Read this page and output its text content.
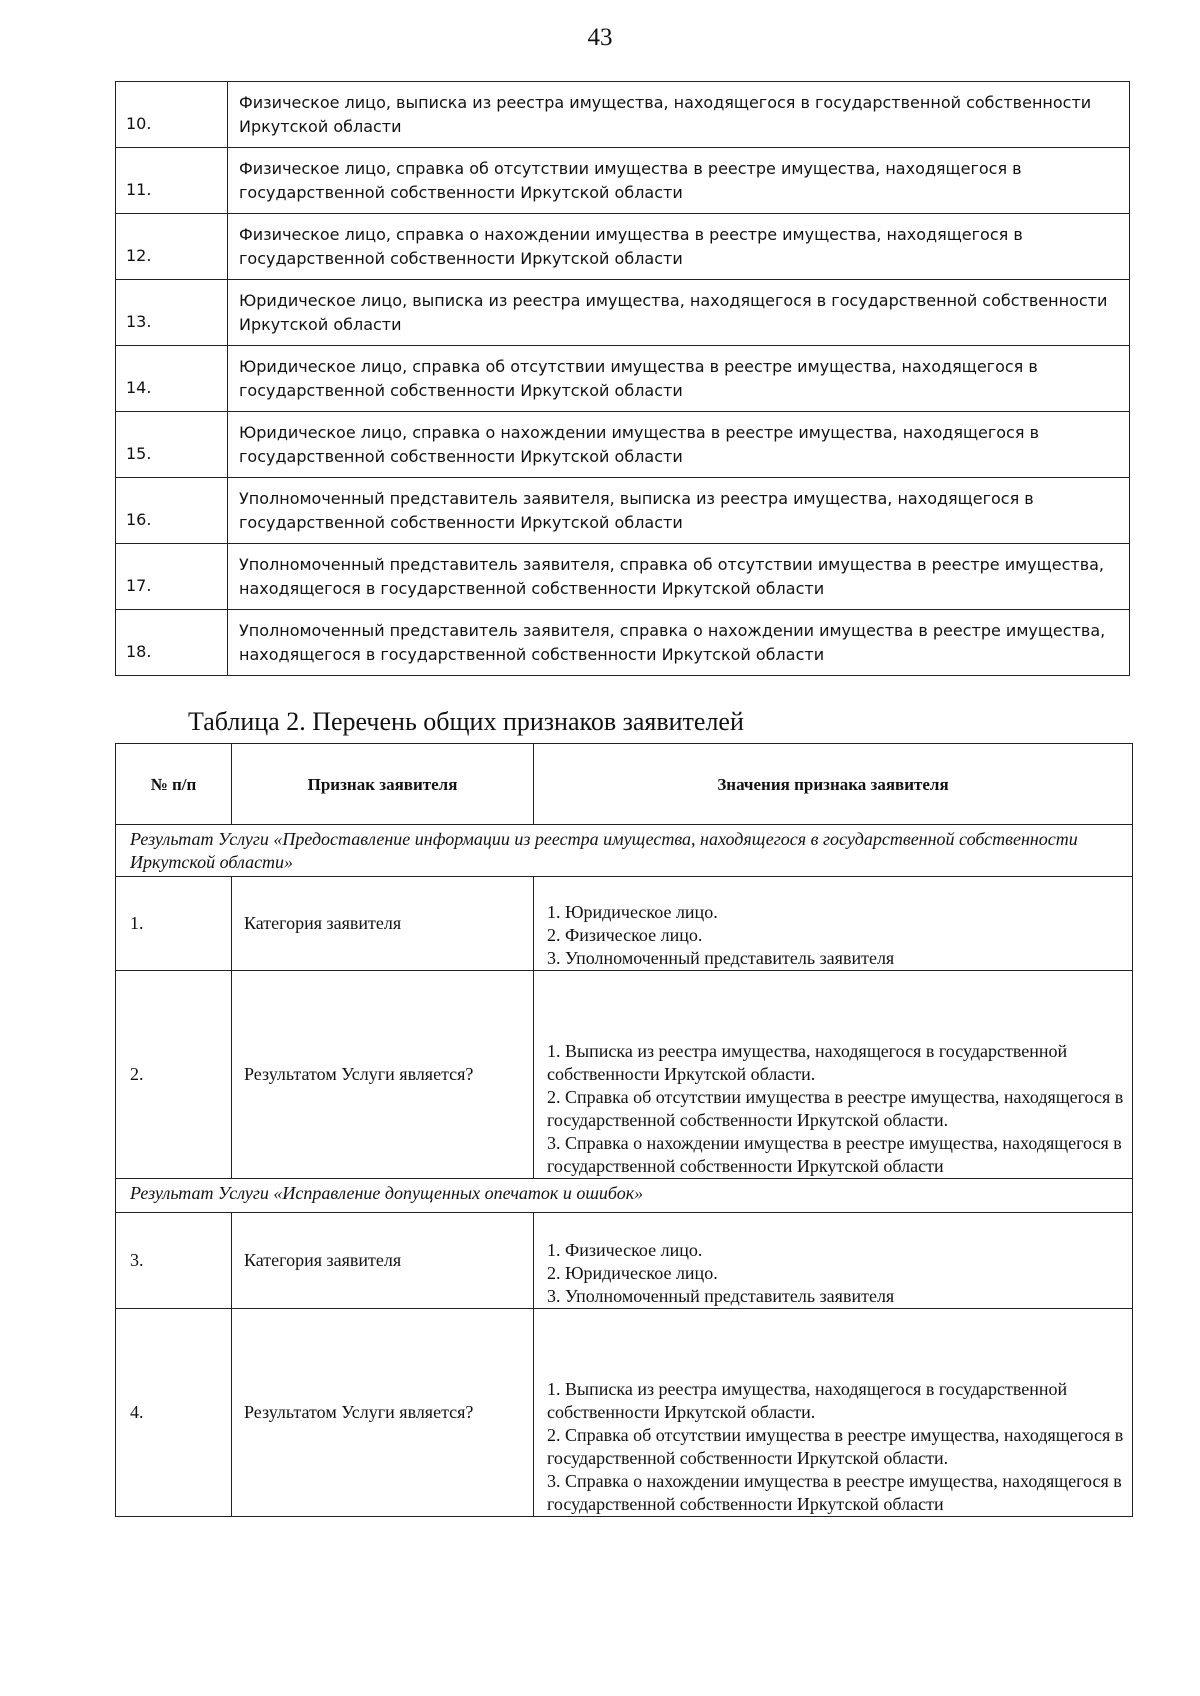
43
10.	Физическое лицо, выписка из реестра имущества, находящегося в государственной собственности Иркутской области
11.	Физическое лицо, справка об отсутствии имущества в реестре имущества, находящегося в государственной собственности Иркутской области
12.	Физическое лицо, справка о нахождении имущества в реестре имущества, находящегося в государственной собственности Иркутской области
13.	Юридическое лицо, выписка из реестра имущества, находящегося в государственной собственности Иркутской области
14.	Юридическое лицо, справка об отсутствии имущества в реестре имущества, находящегося в государственной собственности Иркутской области
15.	Юридическое лицо, справка о нахождении имущества в реестре имущества, находящегося в государственной собственности Иркутской области
16.	Уполномоченный представитель заявителя, выписка из реестра имущества, находящегося в государственной собственности Иркутской области
17.	Уполномоченный представитель заявителя, справка об отсутствии имущества в реестре имущества, находящегося в государственной собственности Иркутской области
18.	Уполномоченный представитель заявителя, справка о нахождении имущества в реестре имущества, находящегося в государственной собственности Иркутской области
Таблица 2. Перечень общих признаков заявителей
№ п/п	Признак заявителя	Значения признака заявителя
Результат Услуги «Предоставление информации из реестра имущества, находящегося в государственной собственности Иркутской области»		
1.	Категория заявителя	1. Юридическое лицо.
2. Физическое лицо.
3. Уполномоченный представитель заявителя

2.	Результатом Услуги является?	1. Выписка из реестра имущества, находящегося в государственной собственности Иркутской области.
2. Справка об отсутствии имущества в реестре имущества, находящегося в государственной собственности Иркутской области.
3. Справка о нахождении имущества в реестре имущества, находящегося в государственной собственности Иркутской области

Результат Услуги «Исправление допущенных опечаток и ошибок»		
3.	Категория заявителя	1. Физическое лицо.
2. Юридическое лицо.
3. Уполномоченный представитель заявителя

4.	Результатом Услуги является?	1. Выписка из реестра имущества, находящегося в государственной собственности Иркутской области.
2. Справка об отсутствии имущества в реестре имущества, находящегося в государственной собственности Иркутской области.
3. Справка о нахождении имущества в реестре имущества, находящегося в государственной собственности Иркутской области
